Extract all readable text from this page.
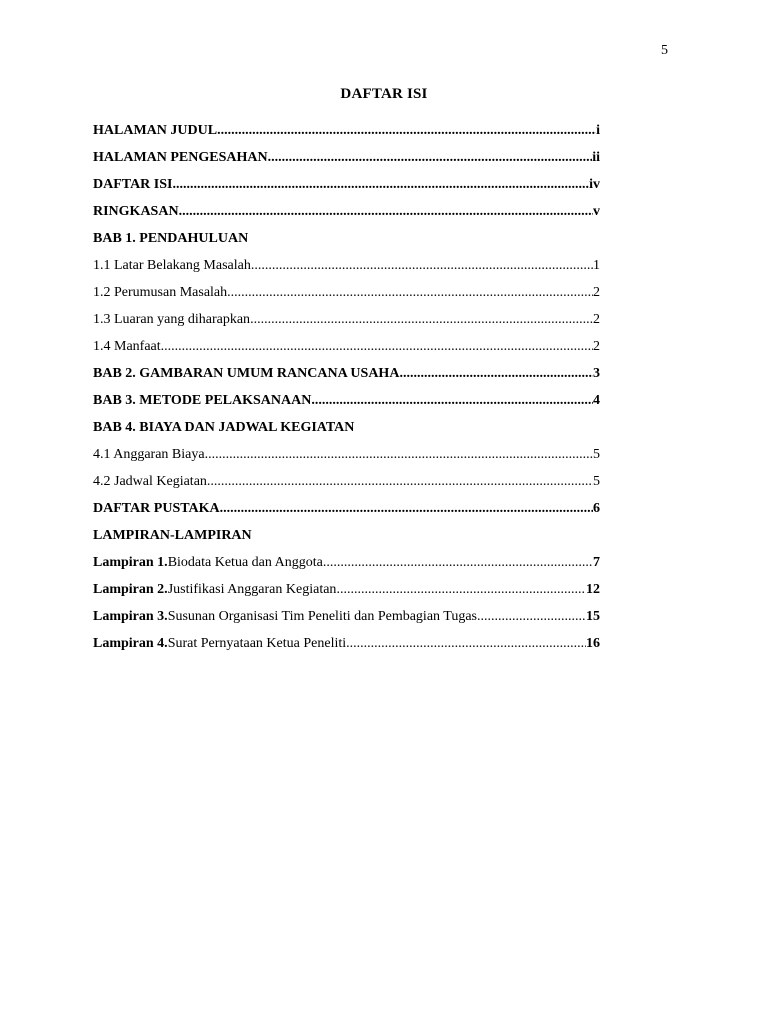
5
DAFTAR ISI
HALAMAN JUDUL .....	i
HALAMAN PENGESAHAN .....	ii
DAFTAR ISI .....	iv
RINGKASAN .....	v
BAB 1. PENDAHULUAN
1.1 Latar Belakang Masalah .....	1
1.2 Perumusan Masalah .....	2
1.3 Luaran yang diharapkan .....	2
1.4 Manfaat .....	2
BAB 2. GAMBARAN UMUM RANCANA USAHA .....	3
BAB 3. METODE PELAKSANAAN .....	4
BAB 4. BIAYA DAN JADWAL KEGIATAN
4.1 Anggaran Biaya .....	5
4.2 Jadwal Kegiatan .....	5
DAFTAR PUSTAKA .....	6
LAMPIRAN-LAMPIRAN
Lampiran 1.Biodata Ketua dan Anggota .....	7
Lampiran 2.Justifikasi Anggaran Kegiatan .....	12
Lampiran 3.Susunan Organisasi Tim Peneliti dan Pembagian Tugas .....	15
Lampiran 4.Surat Pernyataan Ketua Peneliti .....	16
